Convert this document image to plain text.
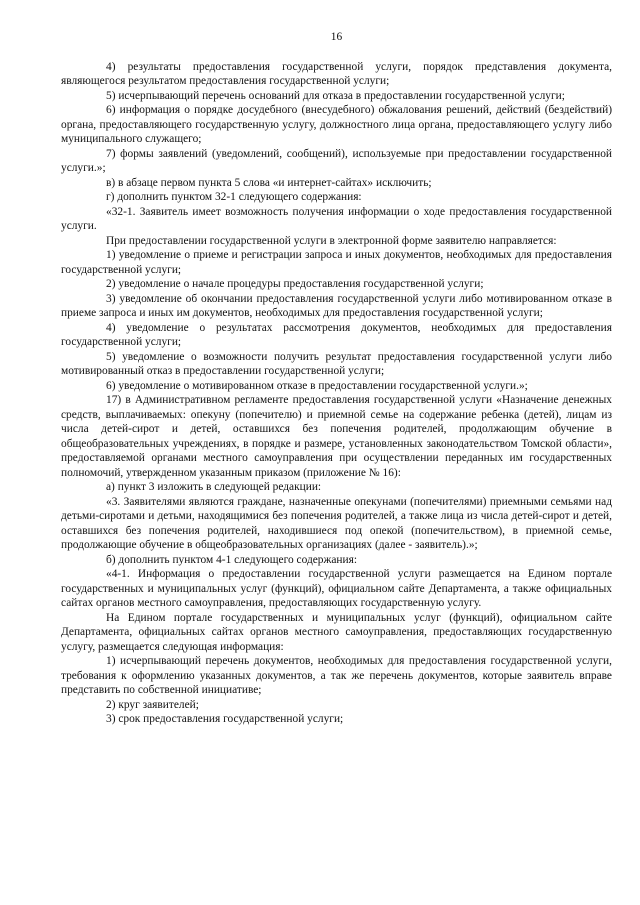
16

4) результаты предоставления государственной услуги, порядок представления документа, являющегося результатом предоставления государственной услуги;

5) исчерпывающий перечень оснований для отказа в предоставлении государственной услуги;

6) информация о порядке досудебного (внесудебного) обжалования решений, действий (бездействий) органа, предоставляющего государственную услугу, должностного лица органа, предоставляющего услугу либо муниципального служащего;

7) формы заявлений (уведомлений, сообщений), используемые при предоставлении государственной услуги.»;

в) в абзаце первом пункта 5 слова «и интернет-сайтах» исключить;

г) дополнить пунктом 32-1 следующего содержания:

«32-1. Заявитель имеет возможность получения информации о ходе предоставления государственной услуги.

При предоставлении государственной услуги в электронной форме заявителю направляется:

1) уведомление о приеме и регистрации запроса и иных документов, необходимых для предоставления государственной услуги;

2) уведомление о начале процедуры предоставления государственной услуги;

3) уведомление об окончании предоставления государственной услуги либо мотивированном отказе в приеме запроса и иных им документов, необходимых для предоставления государственной услуги;

4) уведомление о результатах рассмотрения документов, необходимых для предоставления государственной услуги;

5) уведомление о возможности получить результат предоставления государственной услуги либо мотивированный отказ в предоставлении государственной услуги;

6) уведомление о мотивированном отказе в предоставлении государственной услуги.»;

17) в Административном регламенте предоставления государственной услуги «Назначение денежных средств, выплачиваемых: опекуну (попечителю) и приемной семье на содержание ребенка (детей), лицам из числа детей-сирот и детей, оставшихся без попечения родителей, продолжающим обучение в общеобразовательных учреждениях, в порядке и размере, установленных законодательством Томской области», предоставляемой органами местного самоуправления при осуществлении переданных им государственных полномочий, утвержденном указанным приказом (приложение № 16):

а) пункт 3 изложить в следующей редакции:

«3. Заявителями являются граждане, назначенные опекунами (попечителями) приемными семьями над детьми-сиротами и детьми, находящимися без попечения родителей, а также лица из числа детей-сирот и детей, оставшихся без попечения родителей, находившиеся под опекой (попечительством), в приемной семье, продолжающие обучение в общеобразовательных организациях (далее - заявитель).»;

б) дополнить пунктом 4-1 следующего содержания:

«4-1. Информация о предоставлении государственной услуги размещается на Едином портале государственных и муниципальных услуг (функций), официальном сайте Департамента, а также официальных сайтах органов местного самоуправления, предоставляющих государственную услугу.

На Едином портале государственных и муниципальных услуг (функций), официальном сайте Департамента, официальных сайтах органов местного самоуправления, предоставляющих государственную услугу, размещается следующая информация:

1) исчерпывающий перечень документов, необходимых для предоставления государственной услуги, требования к оформлению указанных документов, а так же перечень документов, которые заявитель вправе представить по собственной инициативе;

2) круг заявителей;

3) срок предоставления государственной услуги;
